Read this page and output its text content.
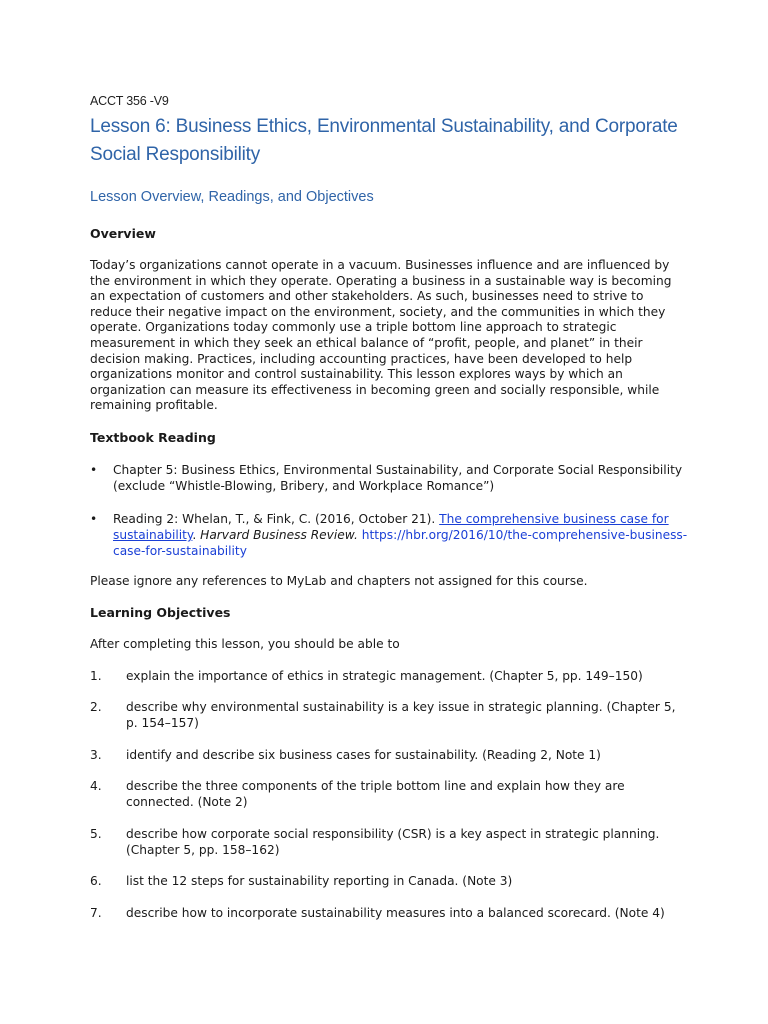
ACCT 356 -V9
Lesson 6: Business Ethics, Environmental Sustainability, and Corporate Social Responsibility
Lesson Overview, Readings, and Objectives
Overview
Today’s organizations cannot operate in a vacuum. Businesses influence and are influenced by the environment in which they operate. Operating a business in a sustainable way is becoming an expectation of customers and other stakeholders. As such, businesses need to strive to reduce their negative impact on the environment, society, and the communities in which they operate. Organizations today commonly use a triple bottom line approach to strategic measurement in which they seek an ethical balance of “profit, people, and planet” in their decision making. Practices, including accounting practices, have been developed to help organizations monitor and control sustainability. This lesson explores ways by which an organization can measure its effectiveness in becoming green and socially responsible, while remaining profitable.
Textbook Reading
• Chapter 5: Business Ethics, Environmental Sustainability, and Corporate Social Responsibility (exclude “Whistle-Blowing, Bribery, and Workplace Romance”)
• Reading 2: Whelan, T., & Fink, C. (2016, October 21). The comprehensive business case for sustainability. Harvard Business Review. https://hbr.org/2016/10/the-comprehensive-business-case-for-sustainability
Please ignore any references to MyLab and chapters not assigned for this course.
Learning Objectives
After completing this lesson, you should be able to
1. explain the importance of ethics in strategic management. (Chapter 5, pp. 149–150)
2. describe why environmental sustainability is a key issue in strategic planning. (Chapter 5, p. 154–157)
3. identify and describe six business cases for sustainability. (Reading 2, Note 1)
4. describe the three components of the triple bottom line and explain how they are connected. (Note 2)
5. describe how corporate social responsibility (CSR) is a key aspect in strategic planning. (Chapter 5, pp. 158–162)
6. list the 12 steps for sustainability reporting in Canada. (Note 3)
7. describe how to incorporate sustainability measures into a balanced scorecard. (Note 4)
